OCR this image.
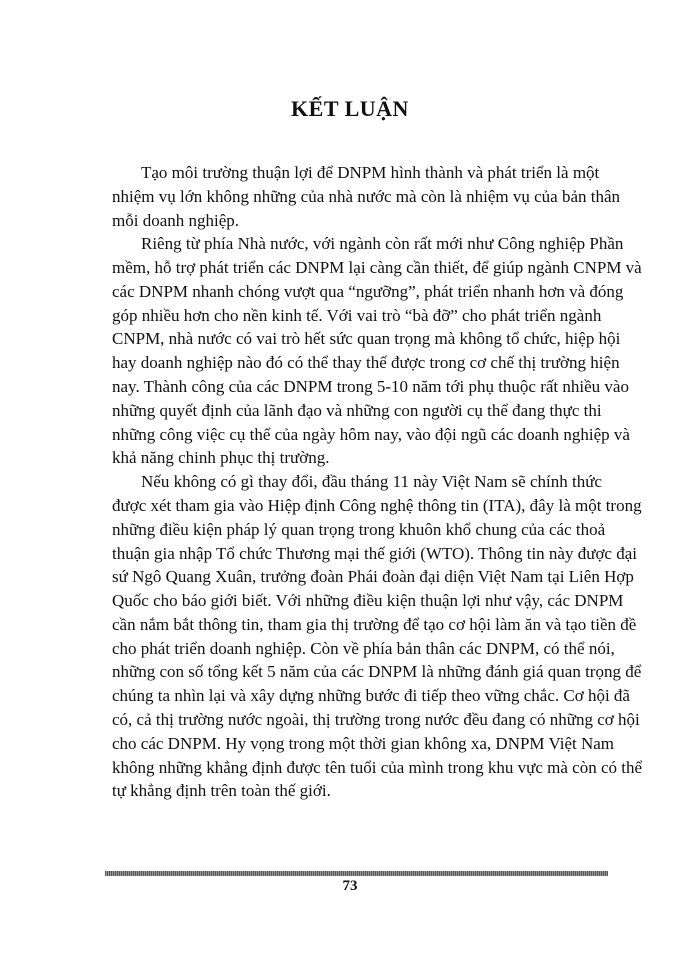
KẾT LUẬN
Tạo môi trường thuận lợi để DNPM hình thành và phát triển là một
nhiệm vụ lớn không những của nhà nước mà còn là nhiệm vụ của bản thân
mỗi doanh nghiệp.
Riêng từ phía Nhà nước, với ngành còn rất mới như Công nghiệp Phần
mềm, hỗ trợ phát triển các DNPM lại càng cần thiết, để giúp ngành CNPM và
các DNPM nhanh chóng vượt qua “ngưỡng”, phát triển nhanh hơn và đóng
góp nhiều hơn cho nền kinh tế. Với vai trò “bà đỡ” cho phát triển ngành
CNPM, nhà nước có vai trò hết sức quan trọng mà không tổ chức, hiệp hội
hay doanh nghiệp nào đó có thể thay thế được trong cơ chế thị trường hiện
nay. Thành công của các DNPM trong 5-10 năm tới phụ thuộc rất nhiều vào
những quyết định của lãnh đạo và những con người cụ thể đang thực thi
những công việc cụ thể của ngày hôm nay, vào đội ngũ các doanh nghiệp và
khả năng chinh phục thị trường.
Nếu không có gì thay đổi, đầu tháng 11 này Việt Nam sẽ chính thức
được xét tham gia vào Hiệp định Công nghệ thông tin (ITA), đây là một trong
những điều kiện pháp lý quan trọng trong khuôn khổ chung của các thoả
thuận gia nhập Tổ chức Thương mại thế giới (WTO). Thông tin này được đại
sứ Ngô Quang Xuân, trưởng đoàn Phái đoàn đại diện Việt Nam tại Liên Hợp
Quốc cho báo giới biết. Với những điều kiện thuận lợi như vậy, các DNPM
cần nắm bắt thông tin, tham gia thị trường để tạo cơ hội làm ăn và tạo tiền đề
cho phát triển doanh nghiệp. Còn về phía bản thân các DNPM, có thể nói,
những con số tổng kết 5 năm của các DNPM là những đánh giá quan trọng để
chúng ta nhìn lại và xây dựng những bước đi tiếp theo vững chắc. Cơ hội đã
có, cả thị trường nước ngoài, thị trường trong nước đều đang có những cơ hội
cho các DNPM. Hy vọng trong một thời gian không xa, DNPM Việt Nam
không những khẳng định được tên tuổi của mình trong khu vực mà còn có thể
tự khẳng định trên toàn thế giới.
73
